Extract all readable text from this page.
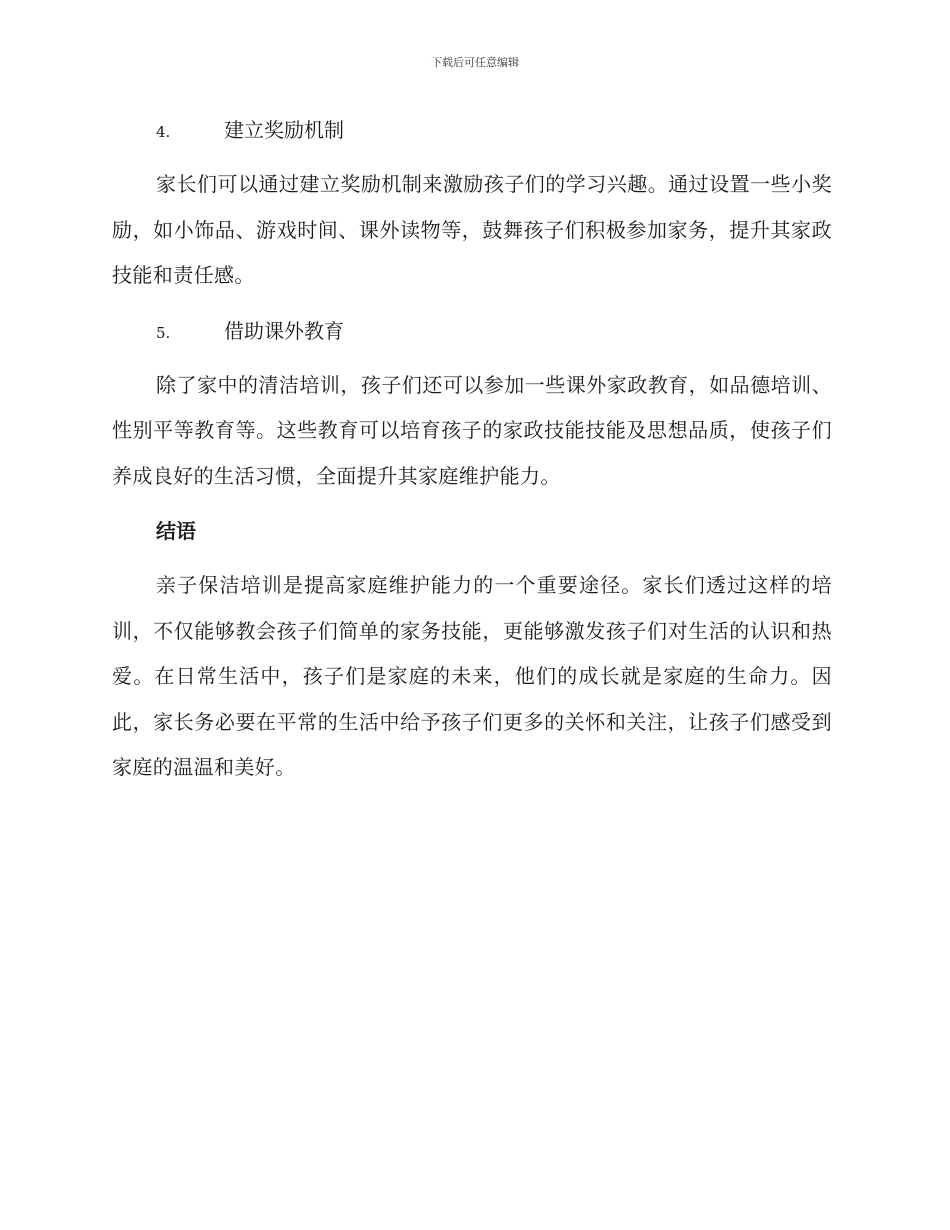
下载后可任意编辑
4.	建立奖励机制

家长们可以通过建立奖励机制来激励孩子们的学习兴趣。通过设置一些小奖励，如小饰品、游戏时间、课外读物等，鼓舞孩子们积极参加家务，提升其家政技能和责任感。

5.	借助课外教育

除了家中的清洁培训，孩子们还可以参加一些课外家政教育，如品德培训、性别平等教育等。这些教育可以培育孩子的家政技能技能及思想品质，使孩子们养成良好的生活习惯，全面提升其家庭维护能力。

结语

亲子保洁培训是提高家庭维护能力的一个重要途径。家长们透过这样的培训，不仅能够教会孩子们简单的家务技能，更能够激发孩子们对生活的认识和热爱。在日常生活中，孩子们是家庭的未来，他们的成长就是家庭的生命力。因此，家长务必要在平常的生活中给予孩子们更多的关怀和关注，让孩子们感受到家庭的温温和美好。
